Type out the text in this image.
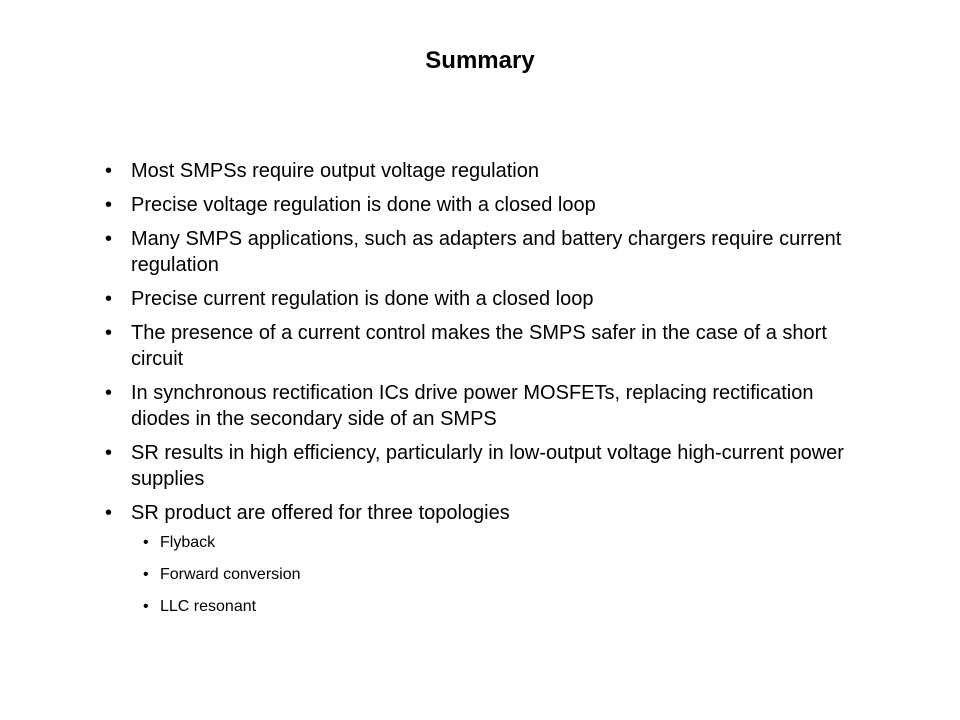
Summary
• Most SMPSs require output voltage regulation
• Precise voltage regulation is done with a closed loop
• Many SMPS applications, such as adapters and battery chargers require current regulation
• Precise current regulation is done with a closed loop
• The presence of a current control makes the SMPS safer in the case of a short circuit
• In synchronous rectification ICs drive power MOSFETs, replacing rectification diodes in the secondary side of an SMPS
• SR results in high efficiency, particularly in low-output voltage high-current power supplies
• SR product are offered for three topologies
• Flyback
• Forward conversion
• LLC resonant
